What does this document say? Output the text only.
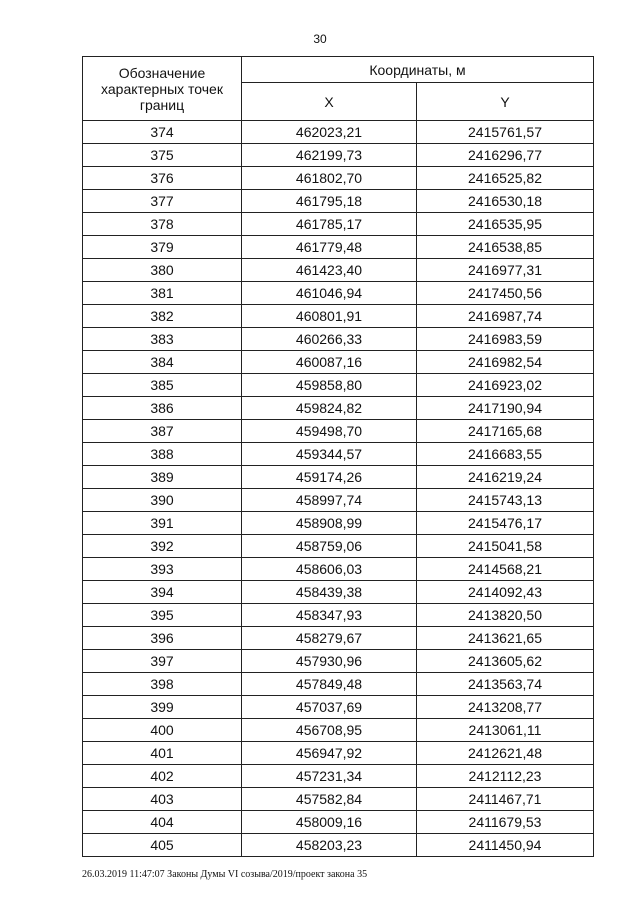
30
Обозначение характерных точек границ	Координаты, м	
	X	Y
374	462023,21	2415761,57
375	462199,73	2416296,77
376	461802,70	2416525,82
377	461795,18	2416530,18
378	461785,17	2416535,95
379	461779,48	2416538,85
380	461423,40	2416977,31
381	461046,94	2417450,56
382	460801,91	2416987,74
383	460266,33	2416983,59
384	460087,16	2416982,54
385	459858,80	2416923,02
386	459824,82	2417190,94
387	459498,70	2417165,68
388	459344,57	2416683,55
389	459174,26	2416219,24
390	458997,74	2415743,13
391	458908,99	2415476,17
392	458759,06	2415041,58
393	458606,03	2414568,21
394	458439,38	2414092,43
395	458347,93	2413820,50
396	458279,67	2413621,65
397	457930,96	2413605,62
398	457849,48	2413563,74
399	457037,69	2413208,77
400	456708,95	2413061,11
401	456947,92	2412621,48
402	457231,34	2412112,23
403	457582,84	2411467,71
404	458009,16	2411679,53
405	458203,23	2411450,94
26.03.2019 11:47:07 Законы Думы VI созыва/2019/проект закона 35
